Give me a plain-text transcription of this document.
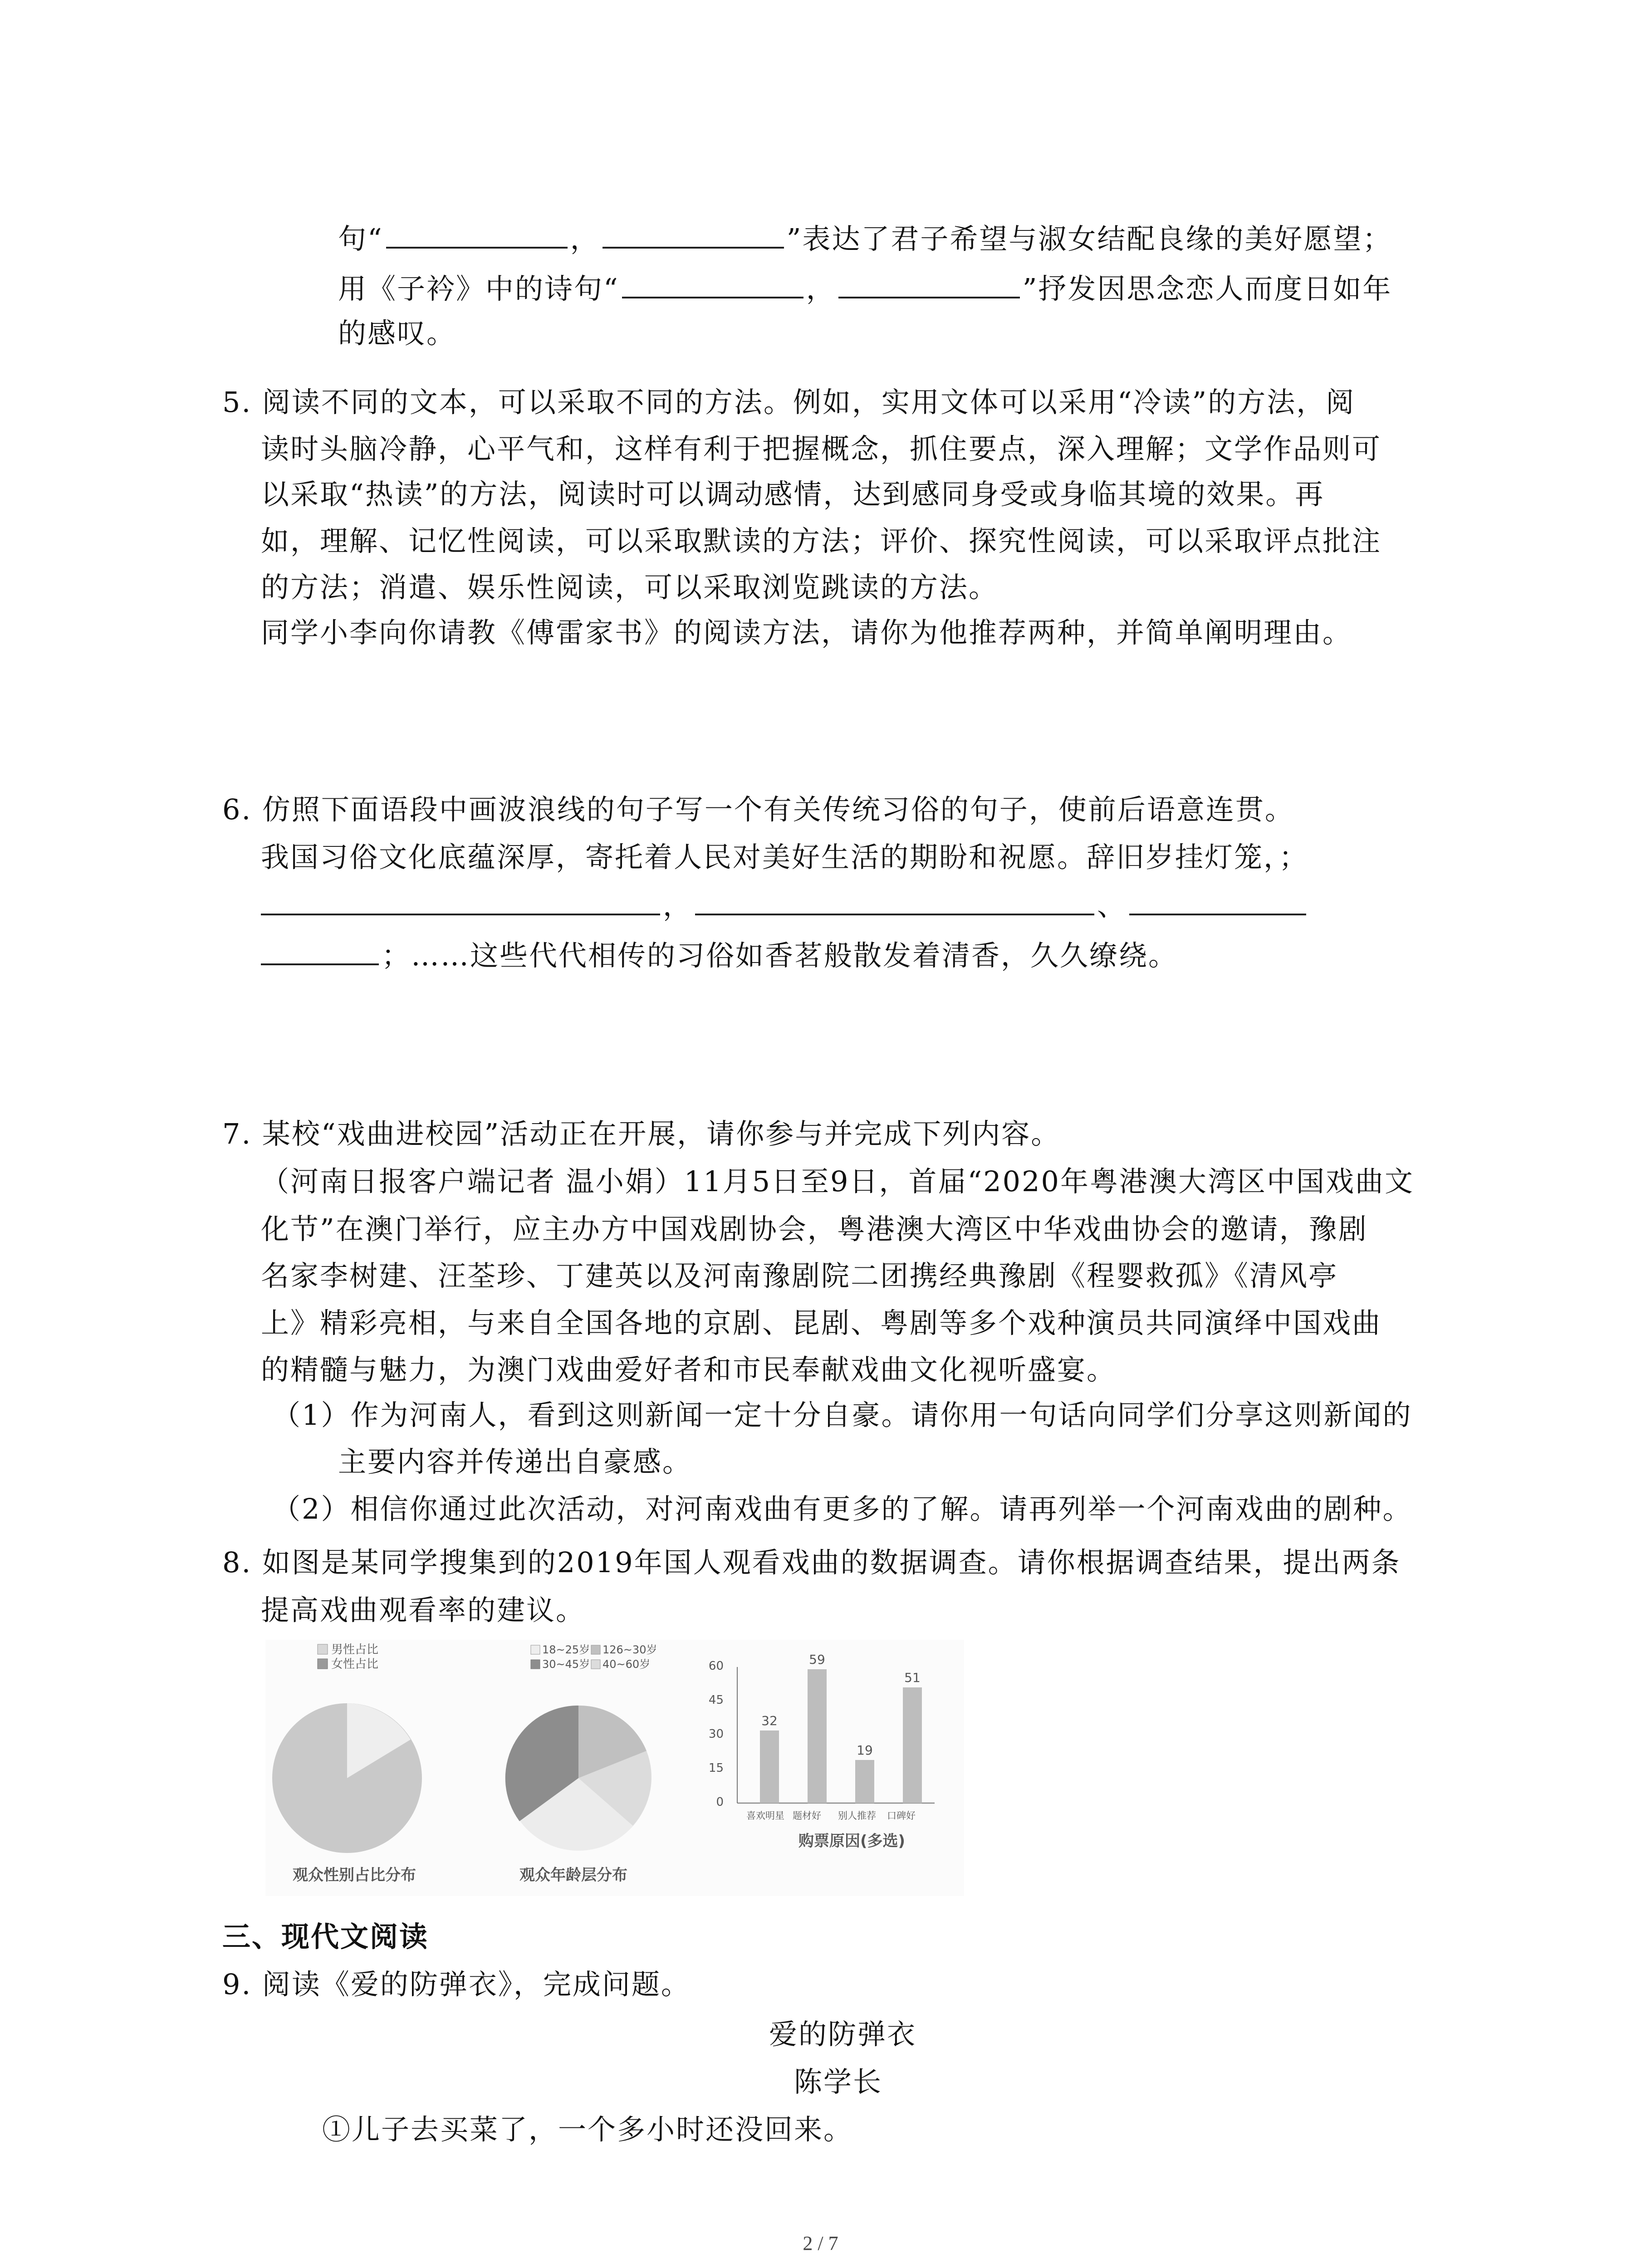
句“	，	”表达了君子希望与淑女结配良缘的美好愿望；
用《子衿》中的诗句“	，	”抒发因思念恋人而度日如年
的感叹。
5. 阅读不同的文本，可以采取不同的方法。例如，实用文体可以采用“冷读”的方法，阅
读时头脑冷静，心平气和，这样有利于把握概念，抓住要点，深入理解；文学作品则可
以采取“热读”的方法，阅读时可以调动感情，达到感同身受或身临其境的效果。再
如，理解、记忆性阅读，可以采取默读的方法；评价、探究性阅读，可以采取评点批注
的方法；消遣、娱乐性阅读，可以采取浏览跳读的方法。
同学小李向你请教《傅雷家书》的阅读方法，请你为他推荐两种，并简单阐明理由。
6. 仿照下面语段中画波浪线的句子写一个有关传统习俗的句子，使前后语意连贯。
我国习俗文化底蕴深厚，寄托着人民对美好生活的期盼和祝愿。辞旧岁挂灯笼，；
，	、
；……这些代代相传的习俗如香茗般散发着清香，久久缭绕。
7. 某校“戏曲进校园”活动正在开展，请你参与并完成下列内容。
（河南日报客户端记者 温小娟）11月5日至9日，首届“2020年粤港澳大湾区中国戏曲文
化节”在澳门举行，应主办方中国戏剧协会，粤港澳大湾区中华戏曲协会的邀请，豫剧
名家李树建、汪荃珍、丁建英以及河南豫剧院二团携经典豫剧《程婴救孤》《清风亭
上》精彩亮相，与来自全国各地的京剧、昆剧、粤剧等多个戏种演员共同演绎中国戏曲
的精髓与魅力，为澳门戏曲爱好者和市民奉献戏曲文化视听盛宴。
（1）作为河南人，看到这则新闻一定十分自豪。请你用一句话向同学们分享这则新闻的
主要内容并传递出自豪感。
（2）相信你通过此次活动，对河南戏曲有更多的了解。请再列举一个河南戏曲的剧种。
8. 如图是某同学搜集到的2019年国人观看戏曲的数据调查。请你根据调查结果，提出两条
提高戏曲观看率的建议。
男性占比
女性占比
观众性别占比分布
18~25岁 126~30岁
30~45岁 40~60岁
观众年龄层分布
0
15
30
45
60
喜欢明星 题材好 别人推荐 口碑好
购票原因(多选)
32
59
19
51
三、现代文阅读
9. 阅读《爱的防弹衣》，完成问题。
爱的防弹衣
陈学长
①儿子去买菜了，一个多小时还没回来。
2 / 7
